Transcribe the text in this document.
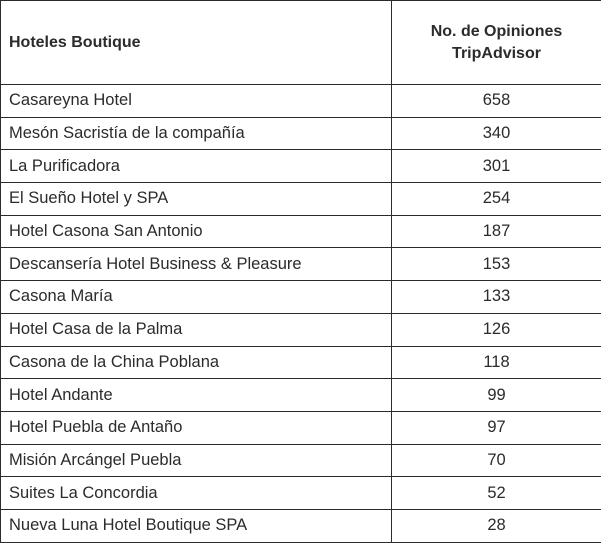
Hoteles Boutique	No. de Opiniones
TripAdvisor
Casareyna Hotel	658
Mesón Sacristía de la compañía	340
La Purificadora	301
El Sueño Hotel y SPA	254
Hotel Casona San Antonio	187
Descansería Hotel Business & Pleasure	153
Casona María	133
Hotel Casa de la Palma	126
Casona de la China Poblana	118
Hotel Andante	99
Hotel Puebla de Antaño	97
Misión Arcángel Puebla	70
Suites La Concordia	52
Nueva Luna Hotel Boutique SPA	28
